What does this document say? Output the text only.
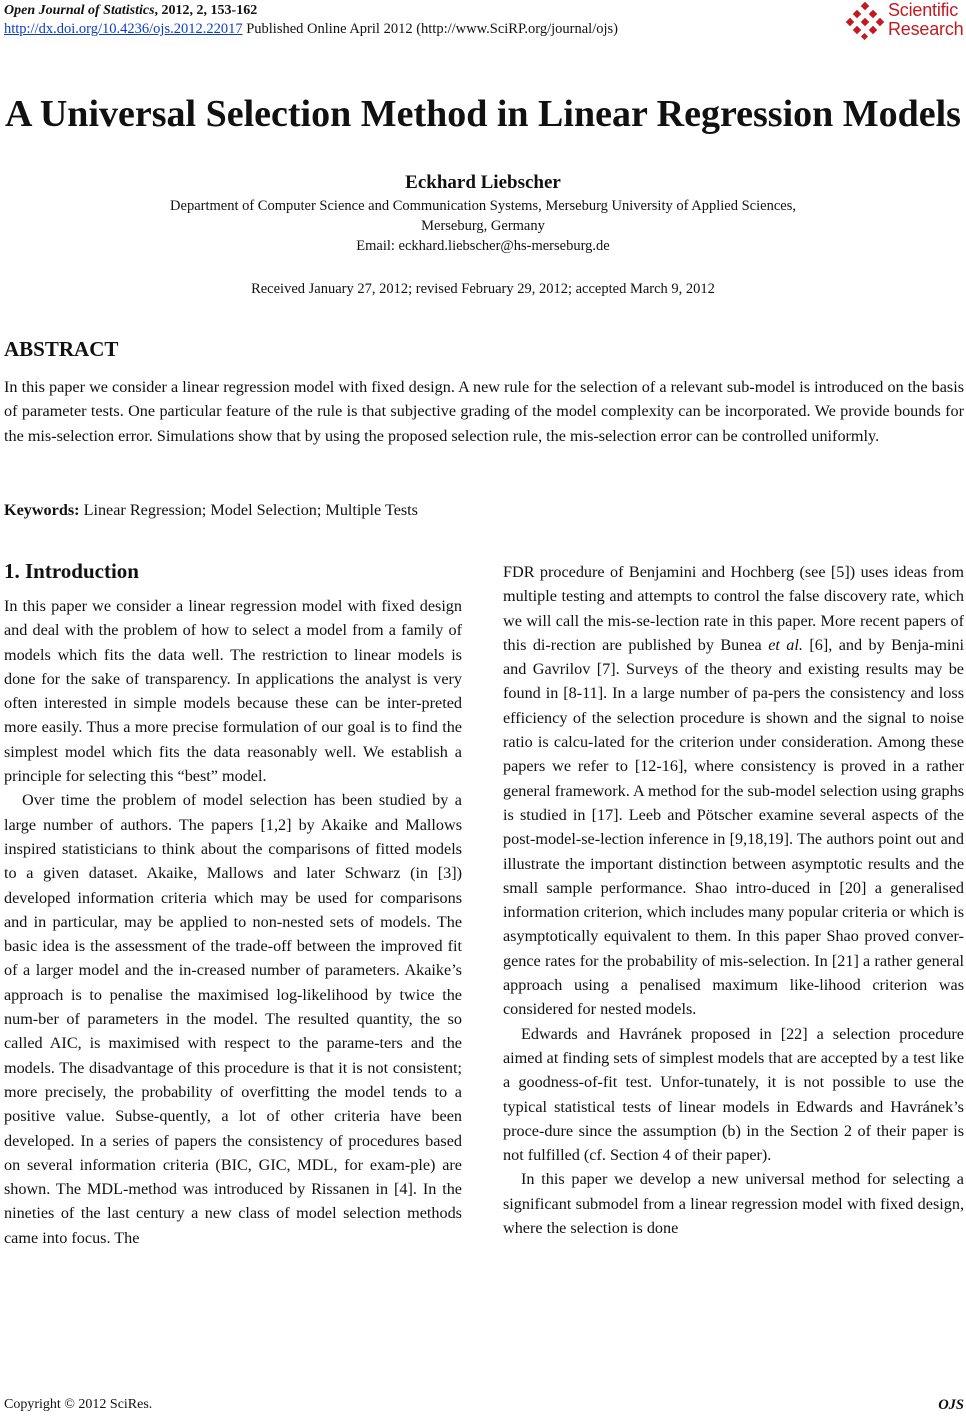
Open Journal of Statistics, 2012, 2, 153-162
http://dx.doi.org/10.4236/ojs.2012.22017 Published Online April 2012 (http://www.SciRP.org/journal/ojs)
Scientific
Research
A Universal Selection Method in Linear Regression Models
Eckhard Liebscher
Department of Computer Science and Communication Systems, Merseburg University of Applied Sciences,
Merseburg, Germany
Email: eckhard.liebscher@hs-merseburg.de
Received January 27, 2012; revised February 29, 2012; accepted March 9, 2012
ABSTRACT

In this paper we consider a linear regression model with fixed design. A new rule for the selection of a relevant sub-model is introduced on the basis of parameter tests. One particular feature of the rule is that subjective grading of the model complexity can be incorporated. We provide bounds for the mis-selection error. Simulations show that by using the proposed selection rule, the mis-selection error can be controlled uniformly.

Keywords: Linear Regression; Model Selection; Multiple Tests

1. Introduction

In this paper we consider a linear regression model with fixed design and deal with the problem of how to select a model from a family of models which fits the data well. The restriction to linear models is done for the sake of transparency. In applications the analyst is very often interested in simple models because these can be inter-preted more easily. Thus a more precise formulation of our goal is to find the simplest model which fits the data reasonably well. We establish a principle for selecting this “best” model.

Over time the problem of model selection has been studied by a large number of authors. The papers [1,2] by Akaike and Mallows inspired statisticians to think about the comparisons of fitted models to a given dataset. Akaike, Mallows and later Schwarz (in [3]) developed information criteria which may be used for comparisons and in particular, may be applied to non-nested sets of models. The basic idea is the assessment of the trade-off between the improved fit of a larger model and the in-creased number of parameters. Akaike’s approach is to penalise the maximised log-likelihood by twice the num-ber of parameters in the model. The resulted quantity, the so called AIC, is maximised with respect to the parame-ters and the models. The disadvantage of this procedure is that it is not consistent; more precisely, the probability of overfitting the model tends to a positive value. Subse-quently, a lot of other criteria have been developed. In a series of papers the consistency of procedures based on several information criteria (BIC, GIC, MDL, for exam-ple) are shown. The MDL-method was introduced by Rissanen in [4]. In the nineties of the last century a new class of model selection methods came into focus. The

FDR procedure of Benjamini and Hochberg (see [5]) uses ideas from multiple testing and attempts to control the false discovery rate, which we will call the mis-se-lection rate in this paper. More recent papers of this di-rection are published by Bunea et al. [6], and by Benja-mini and Gavrilov [7]. Surveys of the theory and existing results may be found in [8-11]. In a large number of pa-pers the consistency and loss efficiency of the selection procedure is shown and the signal to noise ratio is calcu-lated for the criterion under consideration. Among these papers we refer to [12-16], where consistency is proved in a rather general framework. A method for the sub-model selection using graphs is studied in [17]. Leeb and Pötscher examine several aspects of the post-model-se-lection inference in [9,18,19]. The authors point out and illustrate the important distinction between asymptotic results and the small sample performance. Shao intro-duced in [20] a generalised information criterion, which includes many popular criteria or which is asymptotically equivalent to them. In this paper Shao proved conver-gence rates for the probability of mis-selection. In [21] a rather general approach using a penalised maximum like-lihood criterion was considered for nested models.

Edwards and Havránek proposed in [22] a selection procedure aimed at finding sets of simplest models that are accepted by a test like a goodness-of-fit test. Unfor-tunately, it is not possible to use the typical statistical tests of linear models in Edwards and Havránek’s proce-dure since the assumption (b) in the Section 2 of their paper is not fulfilled (cf. Section 4 of their paper).

In this paper we develop a new universal method for selecting a significant submodel from a linear regression model with fixed design, where the selection is done

Copyright © 2012 SciRes.	OJS
